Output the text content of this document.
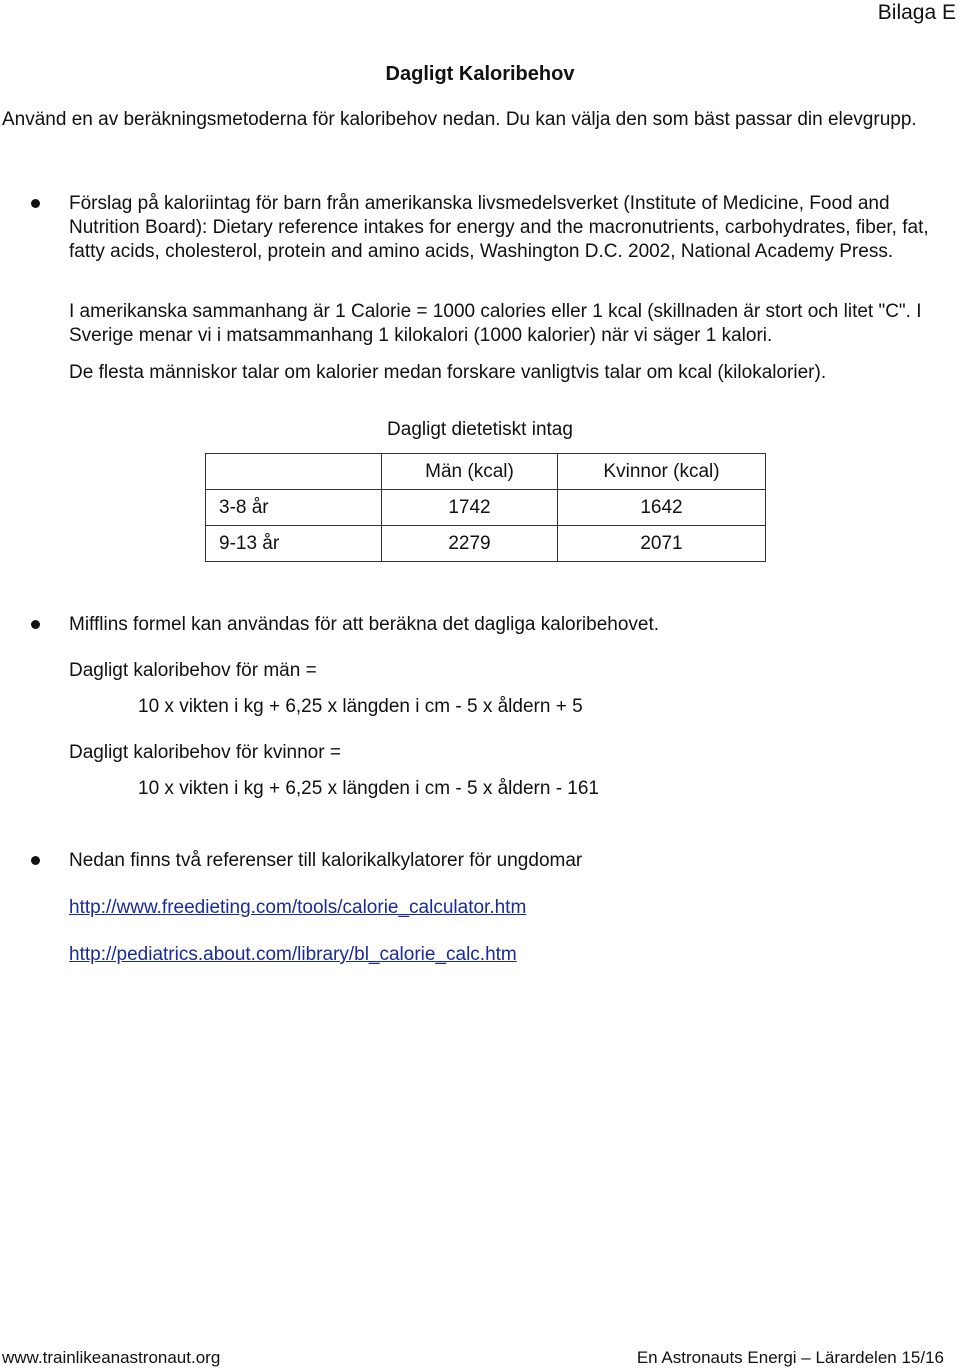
Bilaga E
Dagligt Kaloribehov
Använd en av beräkningsmetoderna för kaloribehov nedan. Du kan välja den som bäst passar din elevgrupp.
Förslag på kaloriintag för barn från amerikanska livsmedelsverket (Institute of Medicine, Food and Nutrition Board): Dietary reference intakes for energy and the macronutrients, carbohydrates, fiber, fat, fatty acids, cholesterol, protein and amino acids, Washington D.C. 2002, National Academy Press.
I amerikanska sammanhang är 1 Calorie = 1000 calories eller 1 kcal (skillnaden är stort och litet "C". I Sverige menar vi i matsammanhang 1 kilokalori (1000 kalorier) när vi säger 1 kalori.
De flesta människor talar om kalorier medan forskare vanligtvis talar om kcal (kilokalorier).
Dagligt dietetiskt intag
	Män (kcal)	Kvinnor (kcal)
3-8 år	1742	1642
9-13 år	2279	2071
Mifflins formel kan användas för att beräkna det dagliga kaloribehovet.
Dagligt kaloribehov för män =
10 x vikten i kg + 6,25 x längden i cm - 5 x åldern + 5
Dagligt kaloribehov för kvinnor =
10 x vikten i kg + 6,25 x längden i cm - 5 x åldern - 161
Nedan finns två referenser till kalorikalkylatorer för ungdomar
http://www.freedieting.com/tools/calorie_calculator.htm
http://pediatrics.about.com/library/bl_calorie_calc.htm
www.trainlikeanastronaut.org	En Astronauts Energi – Lärardelen 15/16
